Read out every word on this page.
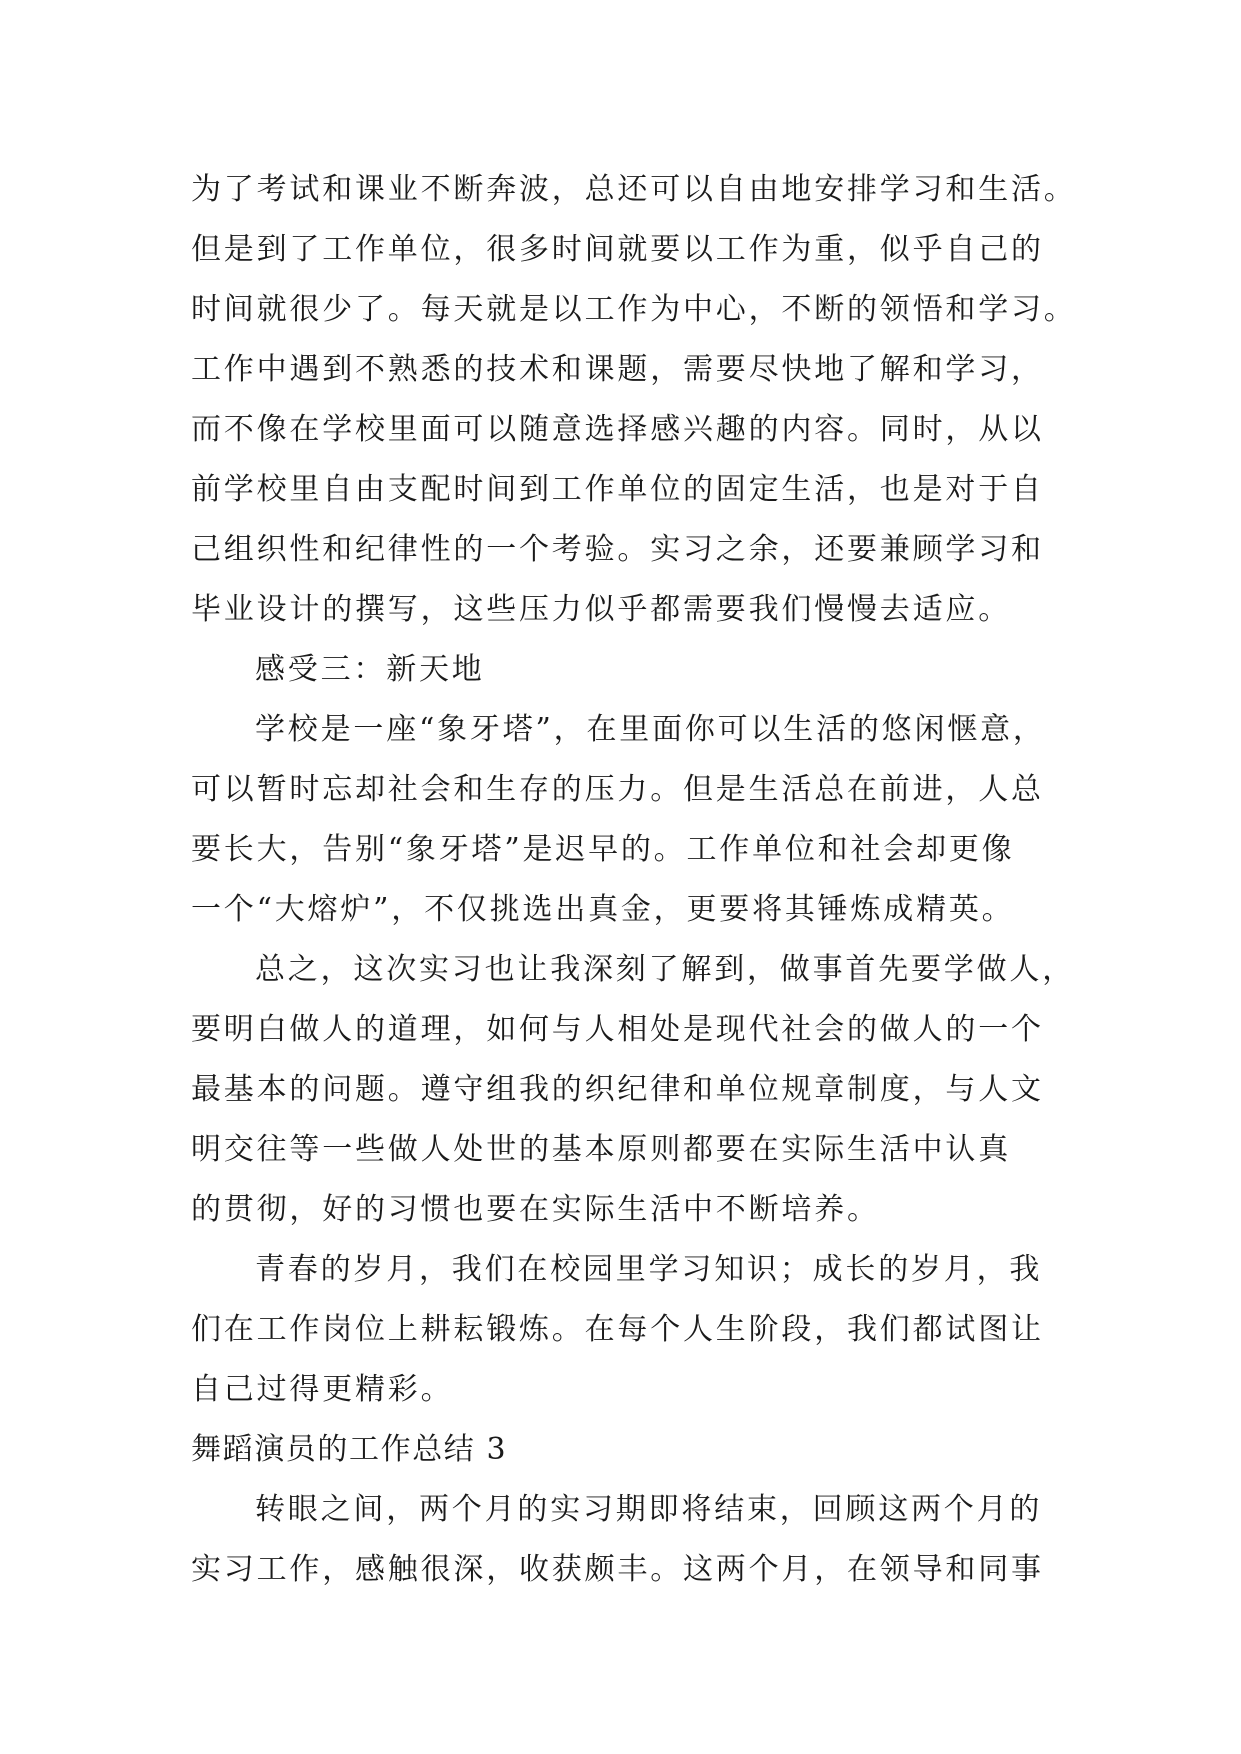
为了考试和课业不断奔波，总还可以自由地安排学习和生活。
但是到了工作单位，很多时间就要以工作为重，似乎自己的
时间就很少了。每天就是以工作为中心，不断的领悟和学习。
工作中遇到不熟悉的技术和课题，需要尽快地了解和学习，
而不像在学校里面可以随意选择感兴趣的内容。同时，从以
前学校里自由支配时间到工作单位的固定生活，也是对于自
己组织性和纪律性的一个考验。实习之余，还要兼顾学习和
毕业设计的撰写，这些压力似乎都需要我们慢慢去适应。
感受三：新天地
学校是一座“象牙塔”，在里面你可以生活的悠闲惬意，
可以暂时忘却社会和生存的压力。但是生活总在前进，人总
要长大，告别“象牙塔”是迟早的。工作单位和社会却更像
一个“大熔炉”，不仅挑选出真金，更要将其锤炼成精英。
总之，这次实习也让我深刻了解到，做事首先要学做人，
要明白做人的道理，如何与人相处是现代社会的做人的一个
最基本的问题。遵守组我的织纪律和单位规章制度，与人文
明交往等一些做人处世的基本原则都要在实际生活中认真
的贯彻，好的习惯也要在实际生活中不断培养。
青春的岁月，我们在校园里学习知识；成长的岁月，我
们在工作岗位上耕耘锻炼。在每个人生阶段，我们都试图让
自己过得更精彩。
舞蹈演员的工作总结 3
转眼之间，两个月的实习期即将结束，回顾这两个月的
实习工作，感触很深，收获颇丰。这两个月，在领导和同事
